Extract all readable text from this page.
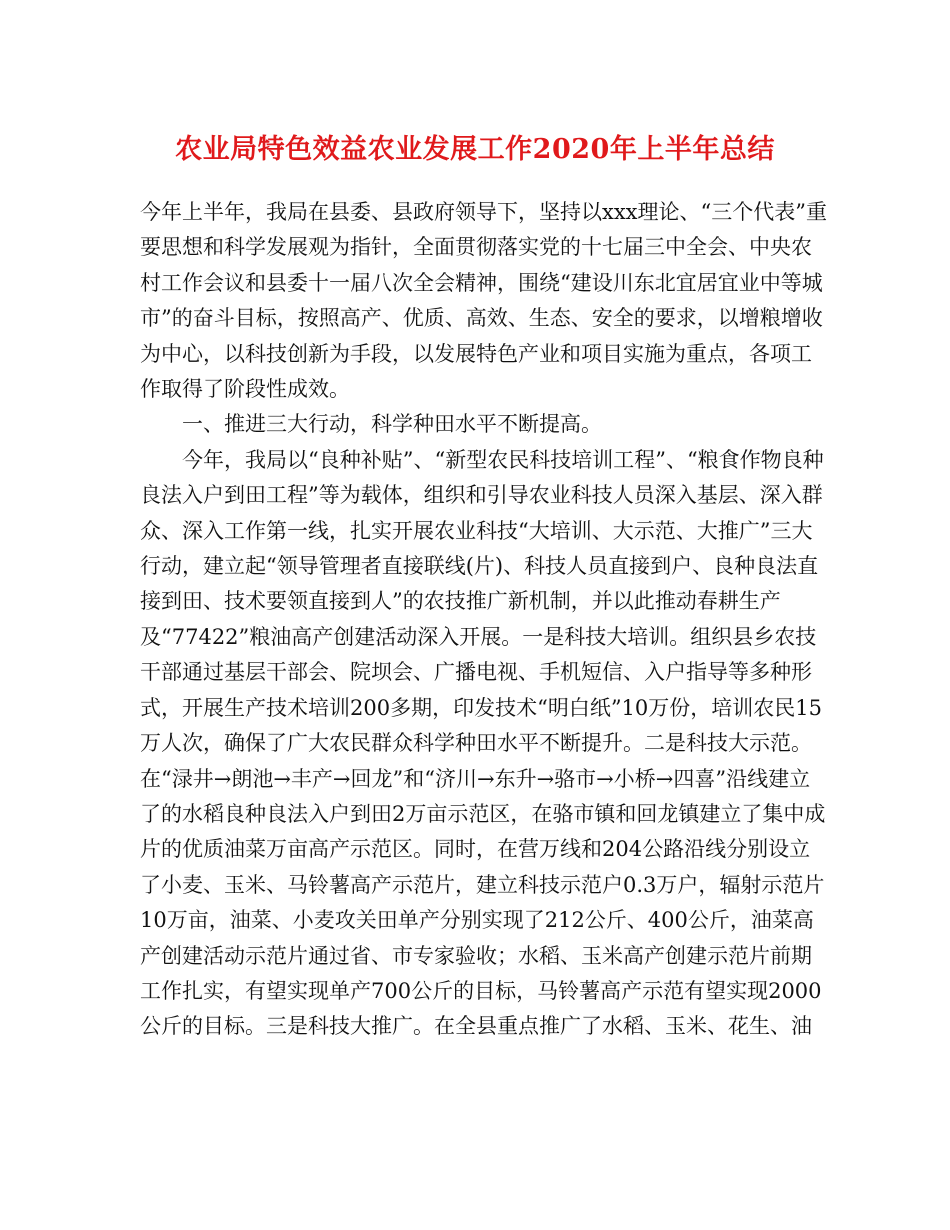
农业局特色效益农业发展工作2020年上半年总结

今年上半年，我局在县委、县政府领导下，坚持以xxx理论、“三个代表”重要思想和科学发展观为指针，全面贯彻落实党的十七届三中全会、中央农村工作会议和县委十一届八次全会精神，围绕“建设川东北宜居宜业中等城市”的奋斗目标，按照高产、优质、高效、生态、安全的要求，以增粮增收为中心，以科技创新为手段，以发展特色产业和项目实施为重点，各项工作取得了阶段性成效。

一、推进三大行动，科学种田水平不断提高。

今年，我局以“良种补贴”、“新型农民科技培训工程”、“粮食作物良种良法入户到田工程”等为载体，组织和引导农业科技人员深入基层、深入群众、深入工作第一线，扎实开展农业科技“大培训、大示范、大推广”三大行动，建立起“领导管理者直接联线(片)、科技人员直接到户、良种良法直接到田、技术要领直接到人”的农技推广新机制，并以此推动春耕生产及“77422”粮油高产创建活动深入开展。一是科技大培训。组织县乡农技干部通过基层干部会、院坝会、广播电视、手机短信、入户指导等多种形式，开展生产技术培训200多期，印发技术“明白纸”10万份，培训农民15万人次，确保了广大农民群众科学种田水平不断提升。二是科技大示范。在“渌井→朗池→丰产→回龙”和“济川→东升→骆市→小桥→四喜”沿线建立了的水稻良种良法入户到田2万亩示范区，在骆市镇和回龙镇建立了集中成片的优质油菜万亩高产示范区。同时，在营万线和204公路沿线分别设立了小麦、玉米、马铃薯高产示范片，建立科技示范户0.3万户，辐射示范片10万亩，油菜、小麦攻关田单产分别实现了212公斤、400公斤，油菜高产创建活动示范片通过省、市专家验收；水稻、玉米高产创建示范片前期工作扎实，有望实现单产700公斤的目标，马铃薯高产示范有望实现2000公斤的目标。三是科技大推广。在全县重点推广了水稻、玉米、花生、油
